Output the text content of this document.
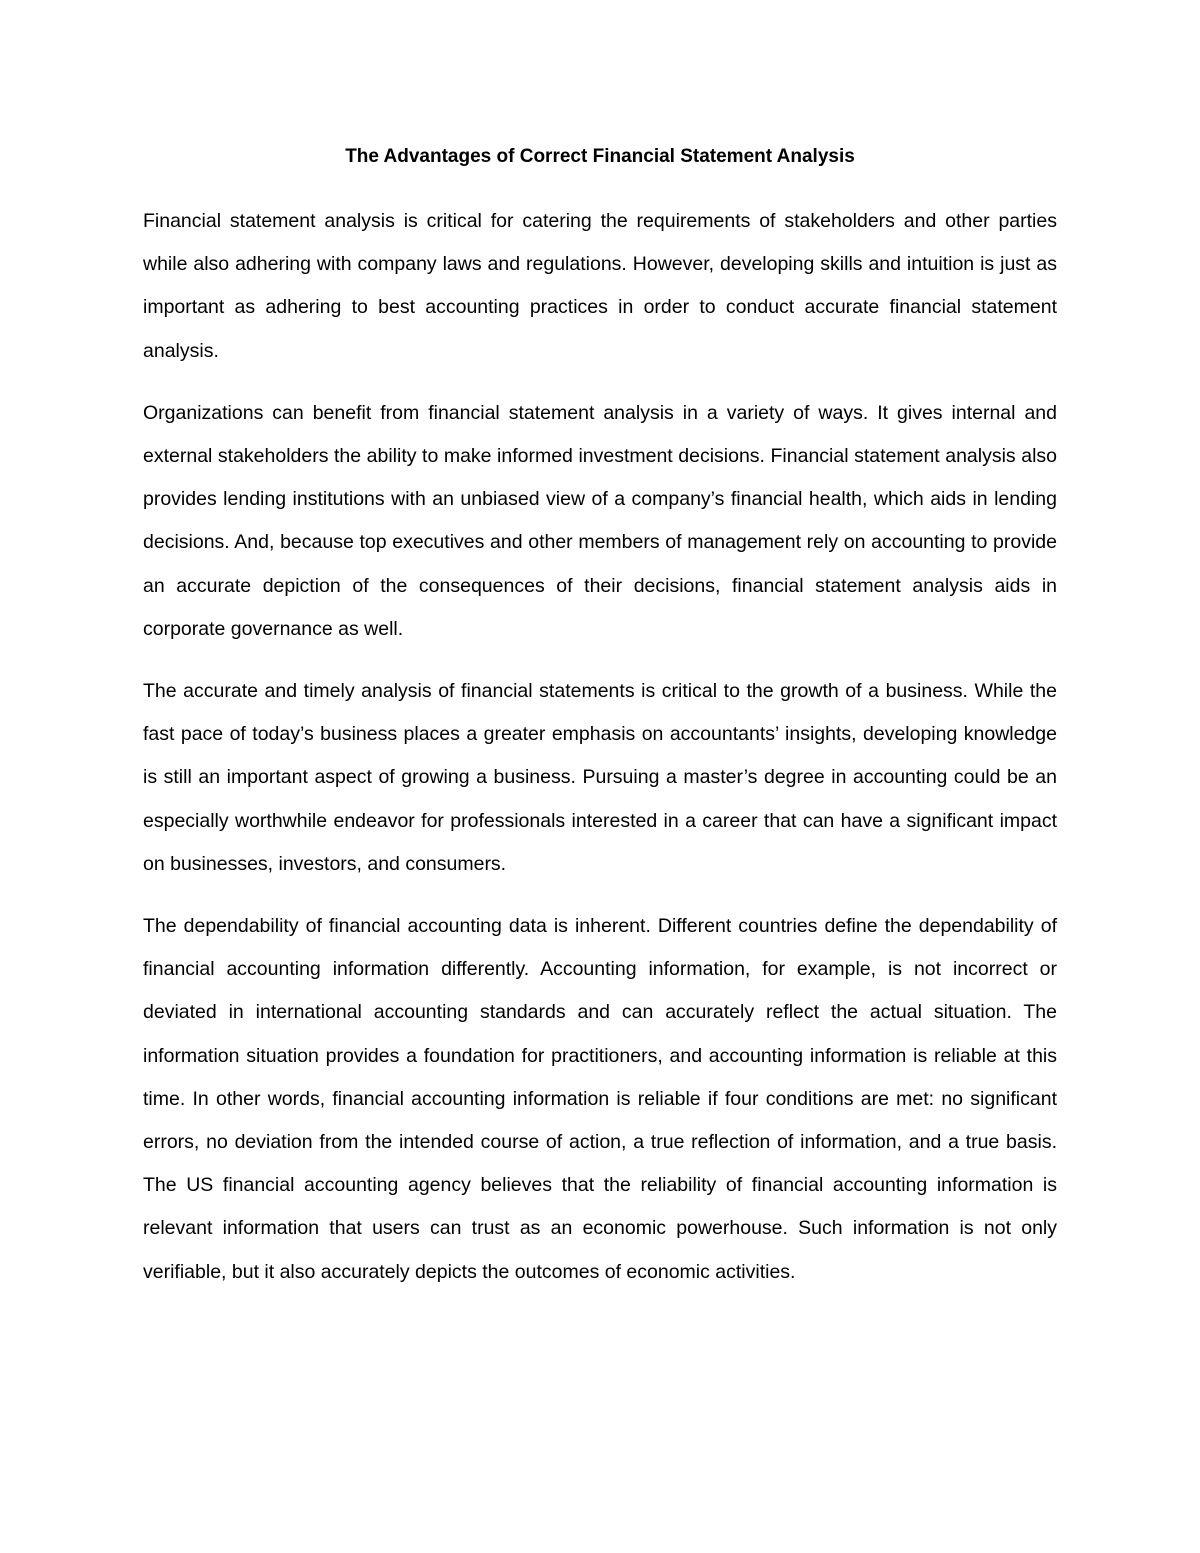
The Advantages of Correct Financial Statement Analysis

Financial statement analysis is critical for catering the requirements of stakeholders and other parties while also adhering with company laws and regulations. However, developing skills and intuition is just as important as adhering to best accounting practices in order to conduct accurate financial statement analysis.

Organizations can benefit from financial statement analysis in a variety of ways. It gives internal and external stakeholders the ability to make informed investment decisions. Financial statement analysis also provides lending institutions with an unbiased view of a company’s financial health, which aids in lending decisions. And, because top executives and other members of management rely on accounting to provide an accurate depiction of the consequences of their decisions, financial statement analysis aids in corporate governance as well.

The accurate and timely analysis of financial statements is critical to the growth of a business. While the fast pace of today’s business places a greater emphasis on accountants’ insights, developing knowledge is still an important aspect of growing a business. Pursuing a master’s degree in accounting could be an especially worthwhile endeavor for professionals interested in a career that can have a significant impact on businesses, investors, and consumers.

The dependability of financial accounting data is inherent. Different countries define the dependability of financial accounting information differently. Accounting information, for example, is not incorrect or deviated in international accounting standards and can accurately reflect the actual situation. The information situation provides a foundation for practitioners, and accounting information is reliable at this time. In other words, financial accounting information is reliable if four conditions are met: no significant errors, no deviation from the intended course of action, a true reflection of information, and a true basis. The US financial accounting agency believes that the reliability of financial accounting information is relevant information that users can trust as an economic powerhouse. Such information is not only verifiable, but it also accurately depicts the outcomes of economic activities.
